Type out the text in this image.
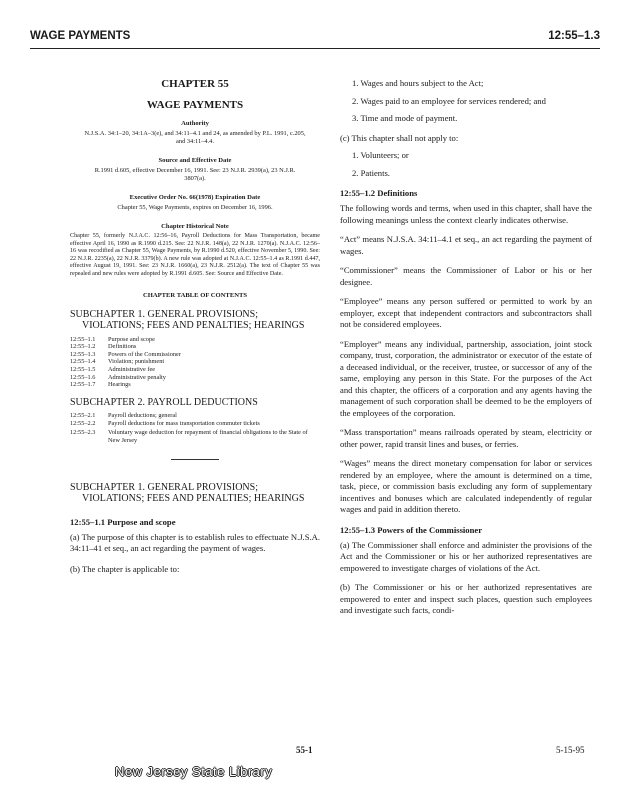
WAGE PAYMENTS	12:55–1.3

CHAPTER 55

WAGE PAYMENTS

Authority

N.J.S.A. 34:1–20, 34:1A–3(e), and 34:11–4.1 and 24, as amended by P.L. 1991, c.205, and 34:11–4.4.

Source and Effective Date

R.1991 d.605, effective December 16, 1991. See: 23 N.J.R. 2939(a), 23 N.J.R. 3807(a).

Executive Order No. 66(1978) Expiration Date

Chapter 55, Wage Payments, expires on December 16, 1996.

Chapter Historical Note

Chapter 55, formerly N.J.A.C. 12:56–16, Payroll Deductions for Mass Transportation, became effective April 16, 1990 as R.1990 d.215. See: 22 N.J.R. 148(a), 22 N.J.R. 1270(a). N.J.A.C. 12:56–16 was recodified as Chapter 55, Wage Payments, by R.1990 d.520, effective November 5, 1990. See: 22 N.J.R. 2235(a), 22 N.J.R. 3379(b). A new rule was adopted at N.J.A.C. 12:55–1.4 as R.1991 d.447, effective August 19, 1991. See: 23 N.J.R. 1660(a), 23 N.J.R. 2512(a). The text of Chapter 55 was repealed and new rules were adopted by R.1991 d.605. See: Source and Effective Date.

CHAPTER TABLE OF CONTENTS

SUBCHAPTER 1. GENERAL PROVISIONS; VIOLATIONS; FEES AND PENALTIES; HEARINGS

12:55–1.1	Purpose and scope
12:55–1.2	Definitions
12:55–1.3	Powers of the Commissioner
12:55–1.4	Violation; punishment
12:55–1.5	Administrative fee
12:55–1.6	Administrative penalty
12:55–1.7	Hearings

SUBCHAPTER 2. PAYROLL DEDUCTIONS

12:55–2.1	Payroll deductions; general
12:55–2.2	Payroll deductions for mass transportation commuter tickets
12:55–2.3	Voluntary wage deduction for repayment of financial obligations to the State of New Jersey

SUBCHAPTER 1. GENERAL PROVISIONS; VIOLATIONS; FEES AND PENALTIES; HEARINGS

12:55–1.1 Purpose and scope

(a) The purpose of this chapter is to establish rules to effectuate N.J.S.A. 34:11–41 et seq., an act regarding the payment of wages.

(b) The chapter is applicable to:

1. Wages and hours subject to the Act;

2. Wages paid to an employee for services rendered; and

3. Time and mode of payment.

(c) This chapter shall not apply to:

1. Volunteers; or

2. Patients.

12:55–1.2 Definitions

The following words and terms, when used in this chapter, shall have the following meanings unless the context clearly indicates otherwise.

“Act” means N.J.S.A. 34:11–4.1 et seq., an act regarding the payment of wages.

“Commissioner” means the Commissioner of Labor or his or her designee.

“Employee” means any person suffered or permitted to work by an employer, except that independent contractors and subcontractors shall not be considered employees.

“Employer” means any individual, partnership, association, joint stock company, trust, corporation, the administrator or executor of the estate of a deceased individual, or the receiver, trustee, or successor of any of the same, employing any person in this State. For the purposes of the Act and this chapter, the officers of a corporation and any agents having the management of such corporation shall be deemed to be the employers of the employees of the corporation.

“Mass transportation” means railroads operated by steam, electricity or other power, rapid transit lines and buses, or ferries.

“Wages” means the direct monetary compensation for labor or services rendered by an employee, where the amount is determined on a time, task, piece, or commission basis excluding any form of supplementary incentives and bonuses which are calculated independently of regular wages and paid in addition thereto.

12:55–1.3 Powers of the Commissioner

(a) The Commissioner shall enforce and administer the provisions of the Act and the Commissioner or his or her authorized representatives are empowered to investigate charges of violations of the Act.

(b) The Commissioner or his or her authorized representatives are empowered to enter and inspect such places, question such employees and investigate such facts, condi-

55-1	5-15-95
New Jersey State Library
